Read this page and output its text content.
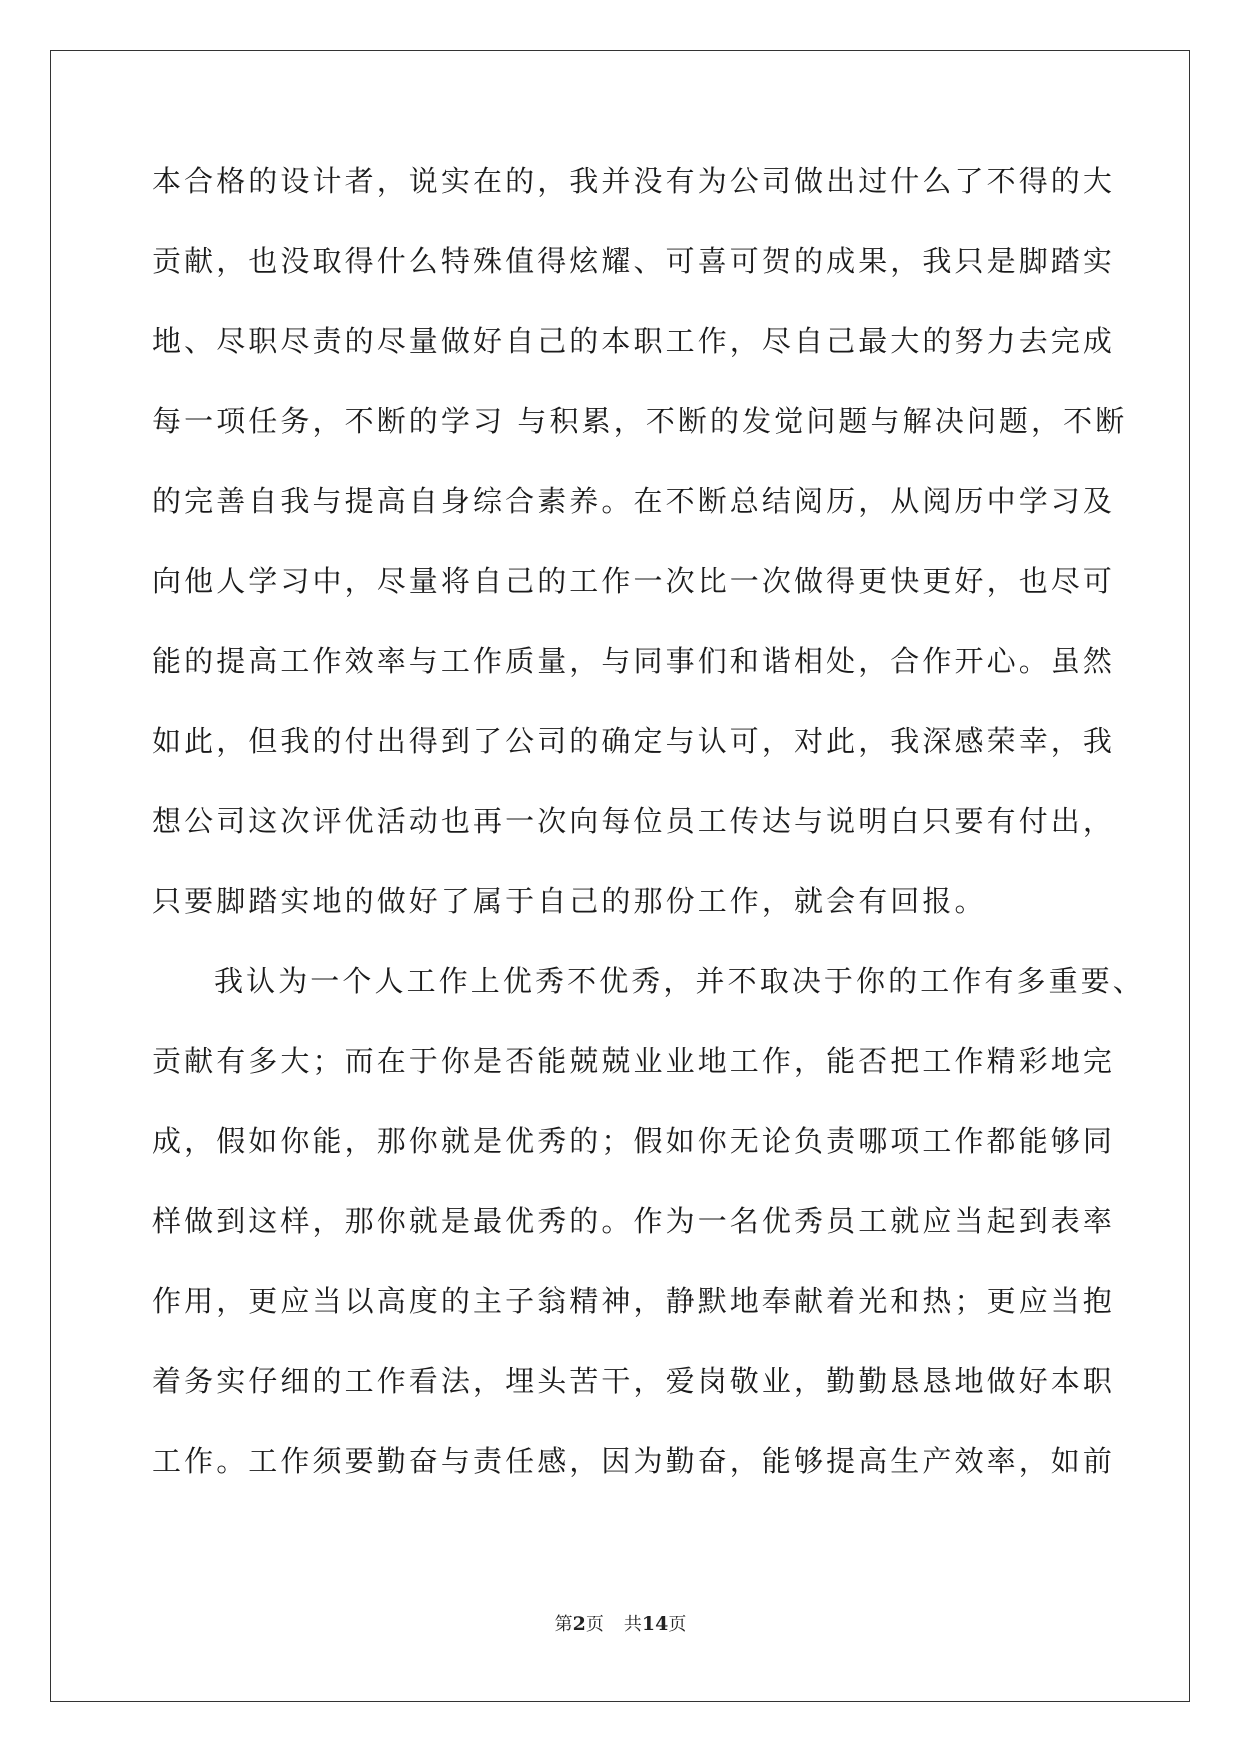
本合格的设计者，说实在的，我并没有为公司做出过什么了不得的大
贡献，也没取得什么特殊值得炫耀、可喜可贺的成果，我只是脚踏实
地、尽职尽责的尽量做好自己的本职工作，尽自己最大的努力去完成
每一项任务，不断的学习 与积累，不断的发觉问题与解决问题，不断
的完善自我与提高自身综合素养。在不断总结阅历，从阅历中学习及
向他人学习中，尽量将自己的工作一次比一次做得更快更好，也尽可
能的提高工作效率与工作质量，与同事们和谐相处，合作开心。虽然
如此，但我的付出得到了公司的确定与认可，对此，我深感荣幸，我
想公司这次评优活动也再一次向每位员工传达与说明白只要有付出，
只要脚踏实地的做好了属于自己的那份工作，就会有回报。
我认为一个人工作上优秀不优秀，并不取决于你的工作有多重要、
贡献有多大；而在于你是否能兢兢业业地工作，能否把工作精彩地完
成，假如你能，那你就是优秀的；假如你无论负责哪项工作都能够同
样做到这样，那你就是最优秀的。作为一名优秀员工就应当起到表率
作用，更应当以高度的主子翁精神，静默地奉献着光和热；更应当抱
着务实仔细的工作看法，埋头苦干，爱岗敬业，勤勤恳恳地做好本职
工作。工作须要勤奋与责任感，因为勤奋，能够提高生产效率，如前
第2页 共14页
